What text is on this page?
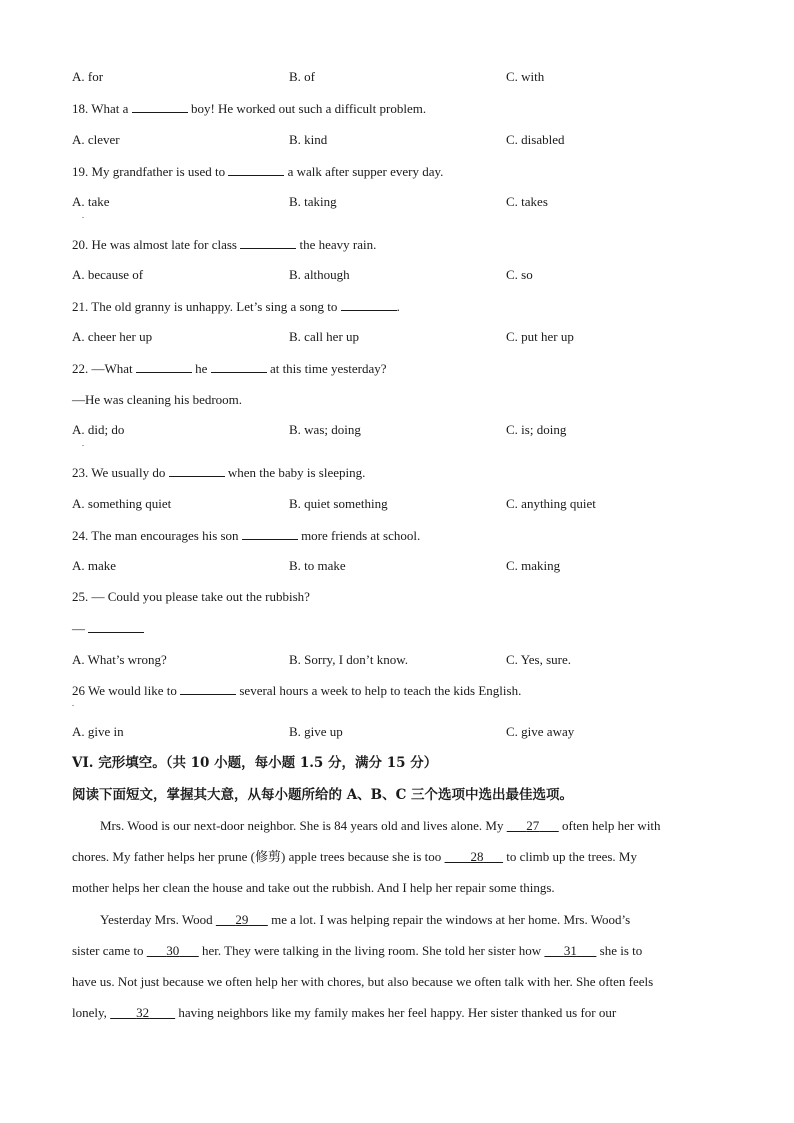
A. for	B. of	C. with
18. What a	boy! He worked out such a difficult problem.
A. clever	B. kind	C. disabled
19. My grandfather is used to	a walk after supper every day.
A. take	B. taking	C. takes
.
20. He was almost late for class	the heavy rain.
A. because of	B. although	C. so
21. The old granny is unhappy. Let’s sing a song to	.
A. cheer her up	B. call her up	C. put her up
22. —What	he	at this time yesterday?
—He was cleaning his bedroom.
A. did; do	B. was; doing	C. is; doing
.
23. We usually do	when the baby is sleeping.
A. something quiet	B. quiet something	C. anything quiet
24. The man encourages his son	more friends at school.
A. make	B. to make	C. making
25. — Could you please take out the rubbish?
—
A. What’s wrong?	B. Sorry, I don’t know.	C. Yes, sure.
26 We would like to	several hours a week to help to teach the kids English.
.
A. give in	B. give up	C. give away
VI. 完形填空。（共 10 小题，每小题 1.5 分，满分 15 分）
阅读下面短文，掌握其大意，从每小题所给的 A、B、C 三个选项中选出最佳选项。
Mrs. Wood is our next-door neighbor. She is 84 years old and lives alone. My    27    often help her with
chores. My father helps her prune (修剪) apple trees because she is too     28    to climb up the trees. My
mother helps her clean the house and take out the rubbish. And I help her repair some things.
Yesterday Mrs. Wood    29    me a lot. I was helping repair the windows at her home. Mrs. Wood’s
sister came to    30    her. They were talking in the living room. She told her sister how    31    she is to
have us. Not just because we often help her with chores, but also because we often talk with her. She often feels
lonely,     32     having neighbors like my family makes her feel happy. Her sister thanked us for our
